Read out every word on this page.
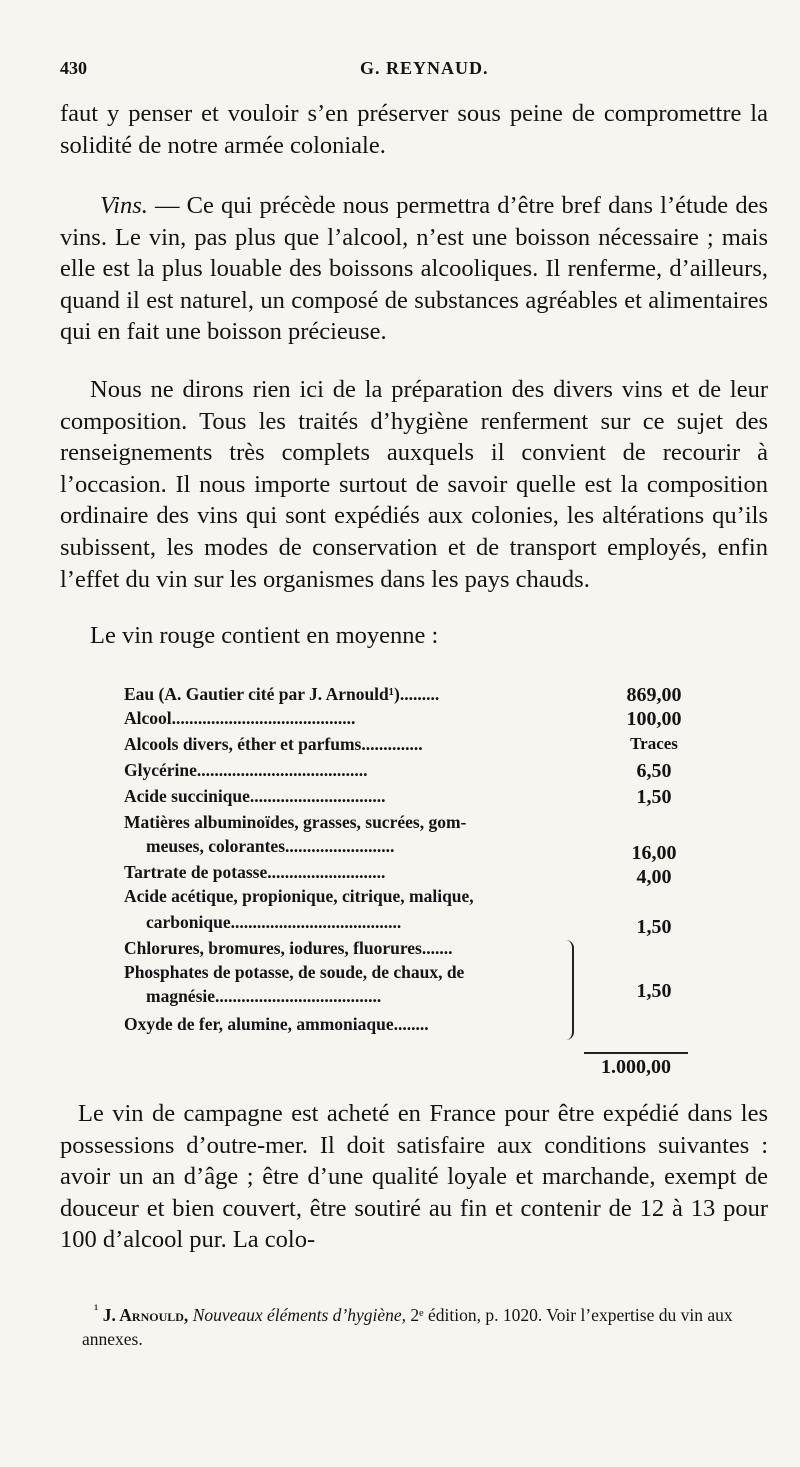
430	G. REYNAUD.
faut y penser et vouloir s’en préserver sous peine de compromettre la solidité de notre armée coloniale.
Vins. — Ce qui précède nous permettra d’être bref dans l’étude des vins. Le vin, pas plus que l’alcool, n’est une boisson nécessaire ; mais elle est la plus louable des boissons alcooliques. Il renferme, d’ailleurs, quand il est naturel, un composé de substances agréables et alimentaires qui en fait une boisson précieuse.
Nous ne dirons rien ici de la préparation des divers vins et de leur composition. Tous les traités d’hygiène renferment sur ce sujet des renseignements très complets auxquels il convient de recourir à l’occasion. Il nous importe surtout de savoir quelle est la composition ordinaire des vins qui sont expédiés aux colonies, les altérations qu’ils subissent, les modes de conservation et de transport employés, enfin l’effet du vin sur les organismes dans les pays chauds.
Le vin rouge contient en moyenne :
Eau (A. Gautier cité par J. Arnould¹).........	869,00
Alcool..........................................	100,00
Alcools divers, éther et parfums..............	Traces
Glycérine.......................................	6,50
Acide succinique...............................	1,50
Matières albuminoïdes, grasses, sucrées, gom-
meuses, colorantes.........................	16,00
Tartrate de potasse...........................	4,00
Acide acétique, propionique, citrique, malique,
carbonique.......................................	1,50
Chlorures, bromures, iodures, fluorures.......
Phosphates de potasse, de soude, de chaux, de
magnésie......................................	1,50
Oxyde de fer, alumine, ammoniaque........
1.000,00
Le vin de campagne est acheté en France pour être expédié dans les possessions d’outre-mer. Il doit satisfaire aux conditions suivantes : avoir un an d’âge ; être d’une qualité loyale et marchande, exempt de douceur et bien couvert, être soutiré au fin et contenir de 12 à 13 pour 100 d’alcool pur. La colo-
$^{^1}$ J. Arnould, Nouveaux éléments d’hygiène, 2ᵉ édition, p. 1020. Voir l’expertise du vin aux annexes.
